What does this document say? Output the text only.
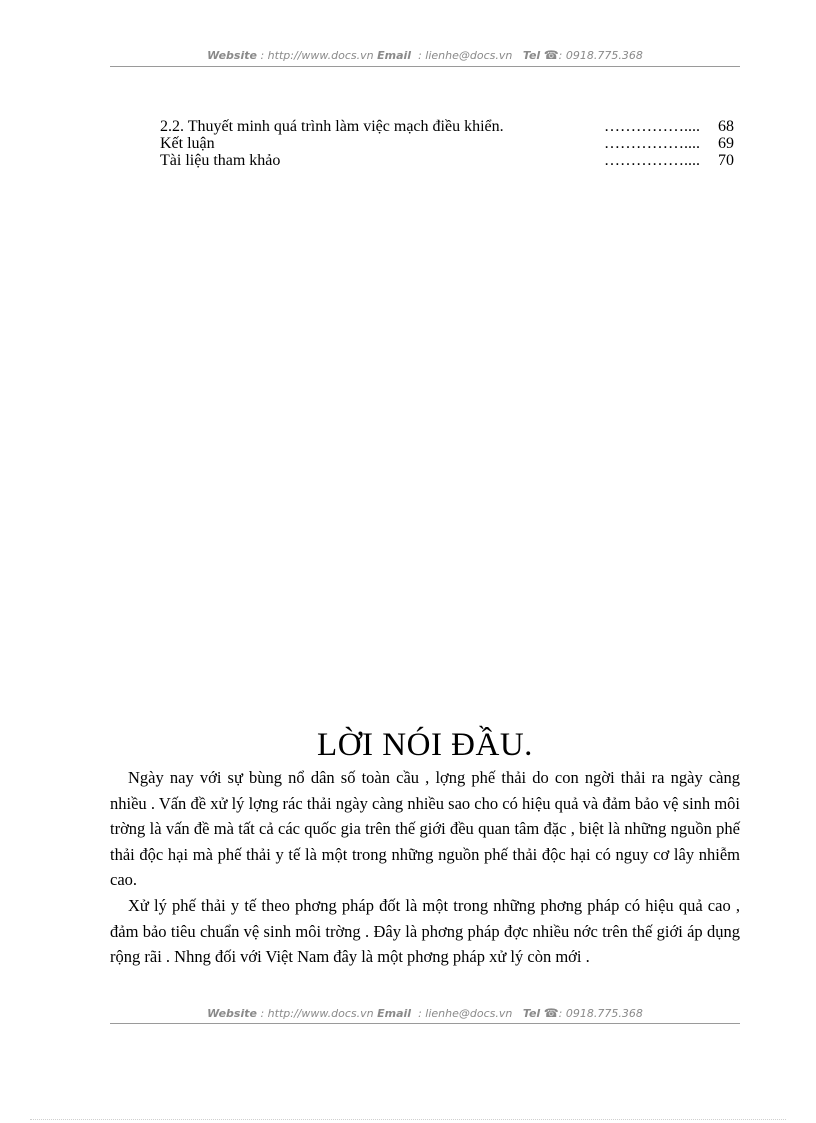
Website : http://www.docs.vn Email : lienhe@docs.vn Tel ☎: 0918.775.368
2.2. Thuyết minh quá trình làm việc mạch điều khiển.	…………….... 68
Kết luận	…………….... 69
Tài liệu tham khảo	…………….... 70
LỜI NÓI ĐẦU.

Ngày nay với sự bùng nổ dân số toàn cầu , lợng phế thải do con ngời thải ra ngày càng nhiều . Vấn đề xử lý lợng rác thải ngày càng nhiều sao cho có hiệu quả và đảm bảo vệ sinh môi trờng là vấn đề mà tất cả các quốc gia trên thế giới đều quan tâm đặc , biệt là những nguồn phế thải độc hại mà phế thải y tế là một trong những nguồn phế thải độc hại có nguy cơ lây nhiễm cao.

Xử lý phế thải y tế theo phơng pháp đốt là một trong những phơng pháp có hiệu quả cao , đảm bảo tiêu chuẩn vệ sinh môi trờng . Đây là phơng pháp đợc nhiều nớc trên thế giới áp dụng rộng rãi . Nhng đối với Việt Nam đây là một phơng pháp xử lý còn mới .

Website : http://www.docs.vn Email : lienhe@docs.vn Tel ☎: 0918.775.368
